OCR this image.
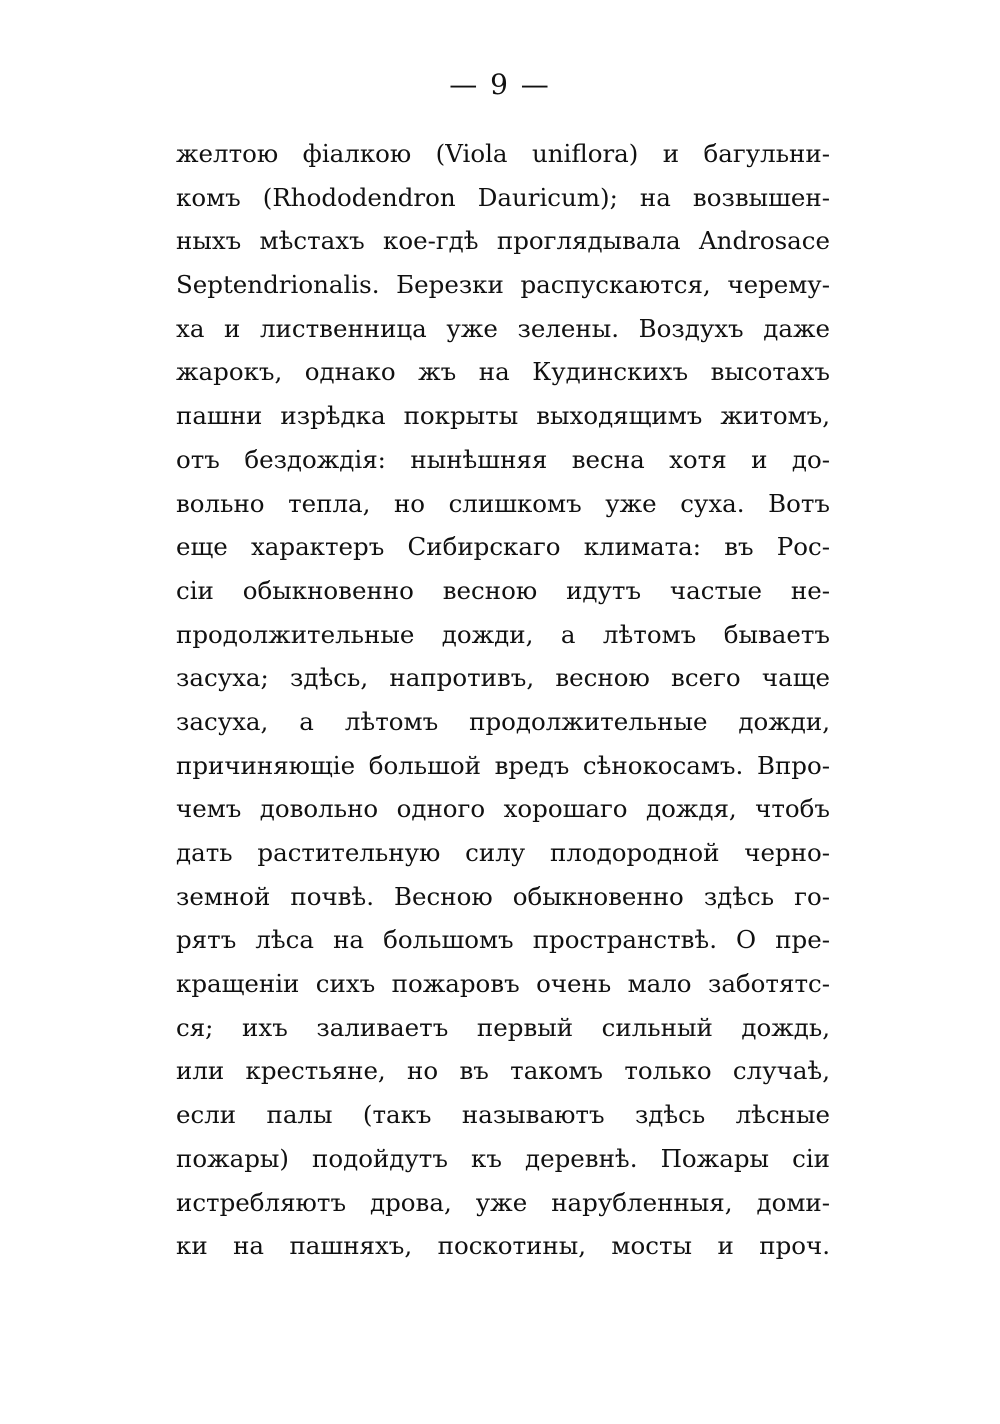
— 9 —
желтою фіалкою (Viola uniflora) и багульни-
комъ (Rhododendron Dauricum); на возвышен-
ныхъ мѣстахъ кое-гдѣ проглядывала Androsace
Septendrionalis. Березки распускаются, черему-
ха и лиственница уже зелены. Воздухъ даже
жарокъ, однако жъ на Кудинскихъ высотахъ
пашни изрѣдка покрыты выходящимъ житомъ,
отъ бездождія: нынѣшняя весна хотя и до-
вольно тепла, но слишкомъ уже суха. Вотъ
еще характеръ Сибирскаго климата: въ Рос-
сіи обыкновенно весною идутъ частые не-
продолжительные дожди, а лѣтомъ бываетъ
засуха; здѣсь, напротивъ, весною всего чаще
засуха, а лѣтомъ продолжительные дожди,
причиняющіе большой вредъ сѣнокосамъ. Впро-
чемъ довольно одного хорошаго дождя, чтобъ
дать растительную силу плодородной черно-
земной почвѣ. Весною обыкновенно здѣсь го-
рятъ лѣса на большомъ пространствѣ. О пре-
кращеніи сихъ пожаровъ очень мало заботятс-
ся; ихъ заливаетъ первый сильный дождь,
или крестьяне, но въ такомъ только случаѣ,
если палы (такъ называютъ здѣсь лѣсные
пожары) подойдутъ къ деревнѣ. Пожары сіи
истребляютъ дрова, уже нарубленныя, доми-
ки на пашняхъ, поскотины, мосты и проч.
